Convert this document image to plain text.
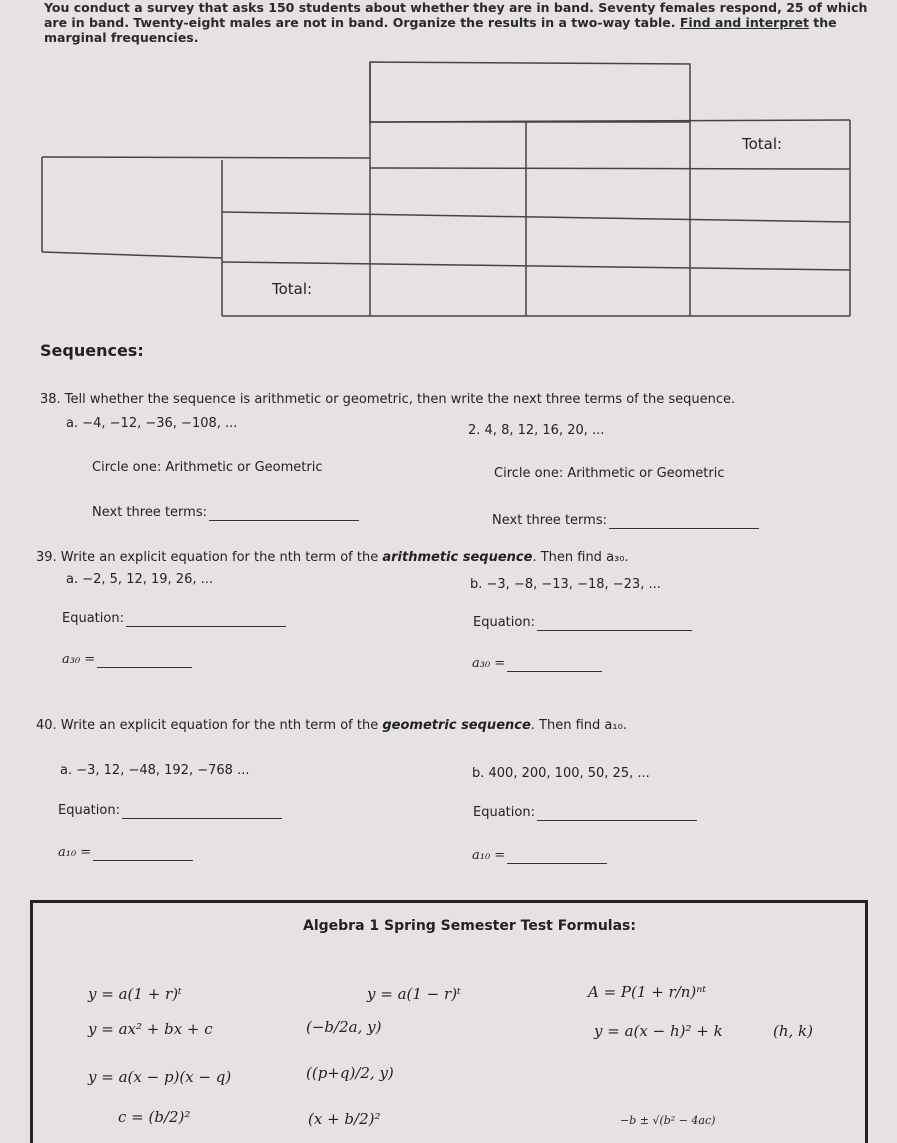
You conduct a survey that asks 150 students about whether they are in band. Seventy females respond, 25 of which are in band. Twenty-eight males are not in band. Organize the results in a two-way table. Find and interpret the marginal frequencies.
Total:
Total:
Sequences:
38. Tell whether the sequence is arithmetic or geometric, then write the next three terms of the sequence.
a. −4, −12, −36, −108, ...	2. 4, 8, 12, 16, 20, ...
Circle one: Arithmetic or Geometric	Circle one: Arithmetic or Geometric
Next three terms:
Next three terms:
39. Write an explicit equation for the nth term of the arithmetic sequence. Then find a₃₀.
a. −2, 5, 12, 19, 26, ...	b. −3, −8, −13, −18, −23, ...
Equation:	Equation:
a₃₀ =	a₃₀ =
40. Write an explicit equation for the nth term of the geometric sequence. Then find a₁₀.
a. −3, 12, −48, 192, −768 ...	b. 400, 200, 100, 50, 25, ...
Equation:	Equation:
a₁₀ =	a₁₀ =
Algebra 1 Spring Semester Test Formulas:
y = a(1 + r)ᵗ	y = a(1 − r)ᵗ	A = P(1 + r/n)ⁿᵗ
y = ax² + bx + c	(−b/2a, y)	y = a(x − h)² + k	(h, k)
y = a(x − p)(x − q)	((p+q)/2, y)
c = (b/2)²	(x + b/2)²	−b ± √(b² − 4ac)
